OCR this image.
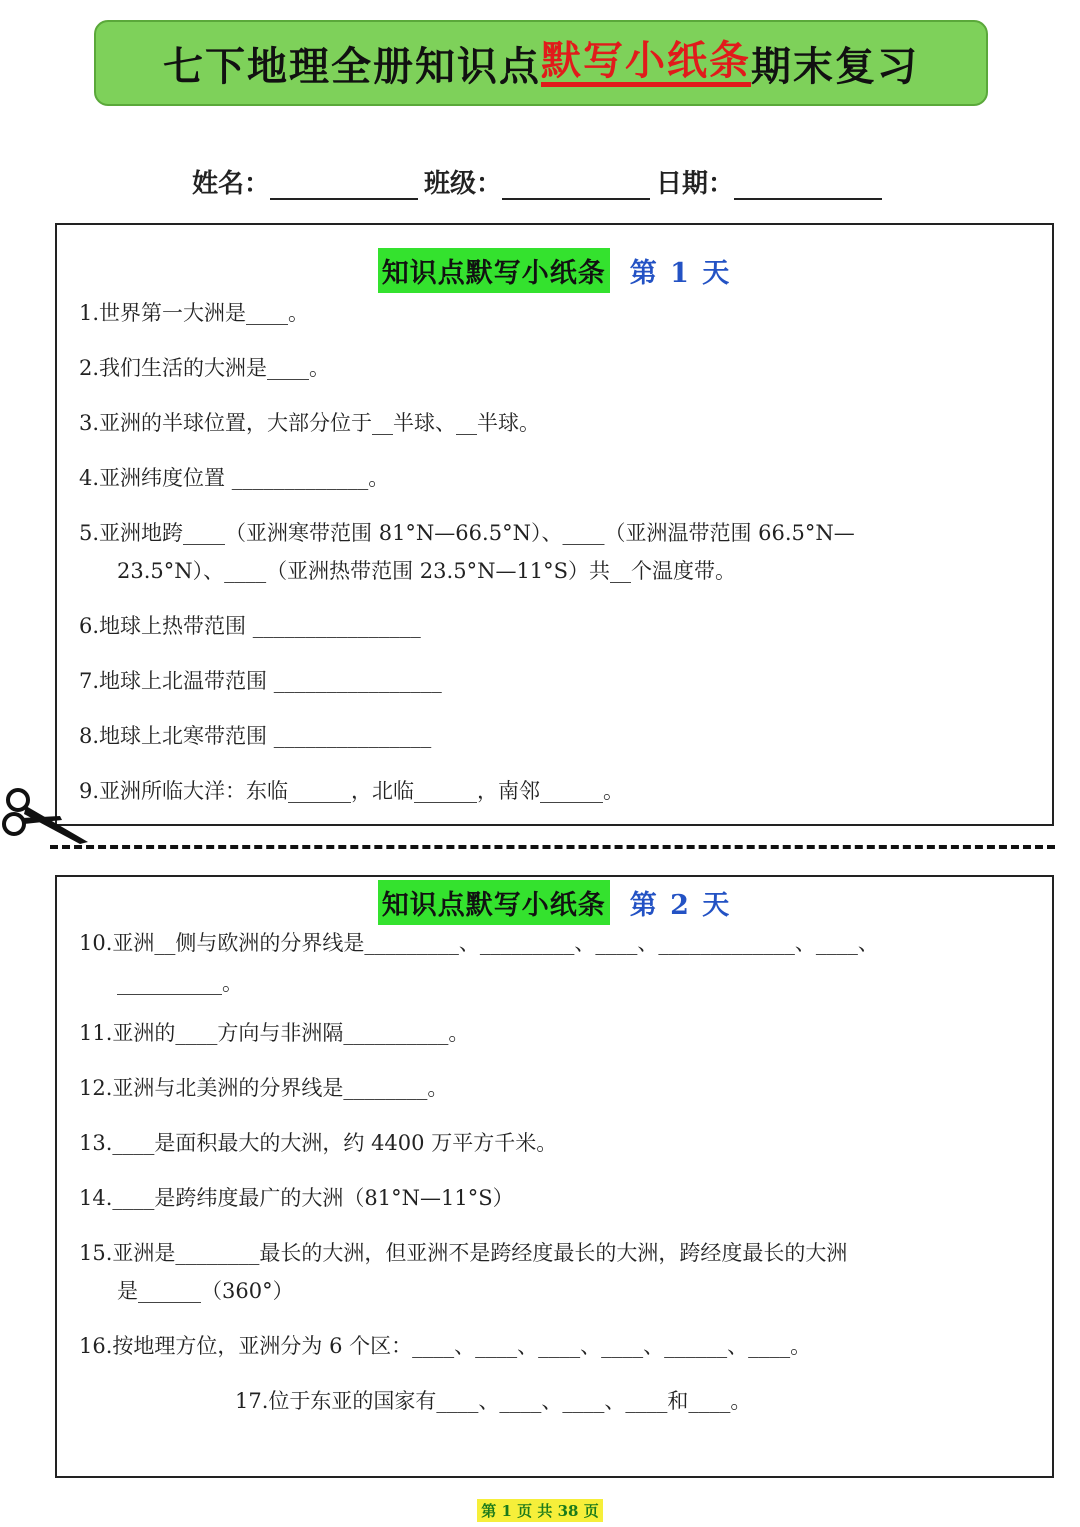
七下地理全册知识点 默写小纸条 期末复习
姓名：	班级：	日期：
知识点默写小纸条 第 1 天
1.世界第一大洲是____。
2.我们生活的大洲是____。
3.亚洲的半球位置，大部分位于__半球、__半球。
4.亚洲纬度位置 _____________。
5.亚洲地跨____（亚洲寒带范围 81°N—66.5°N）、____（亚洲温带范围 66.5°N—
23.5°N）、____（亚洲热带范围 23.5°N—11°S）共__个温度带。
6.地球上热带范围 ________________
7.地球上北温带范围 ________________
8.地球上北寒带范围 _______________
9.亚洲所临大洋：东临______，北临______，南邻______。
知识点默写小纸条 第 2 天
10.亚洲__侧与欧洲的分界线是_________、_________、____、_____________、____、
__________。
11.亚洲的____方向与非洲隔__________。
12.亚洲与北美洲的分界线是________。
13.____是面积最大的大洲，约 4400 万平方千米。
14.____是跨纬度最广的大洲（81°N—11°S）
15.亚洲是________最长的大洲，但亚洲不是跨经度最长的大洲，跨经度最长的大洲
是______（360°）
16.按地理方位，亚洲分为 6 个区：____、____、____、____、______、____。
17.位于东亚的国家有____、____、____、____和____。
第 1 页 共 38 页
